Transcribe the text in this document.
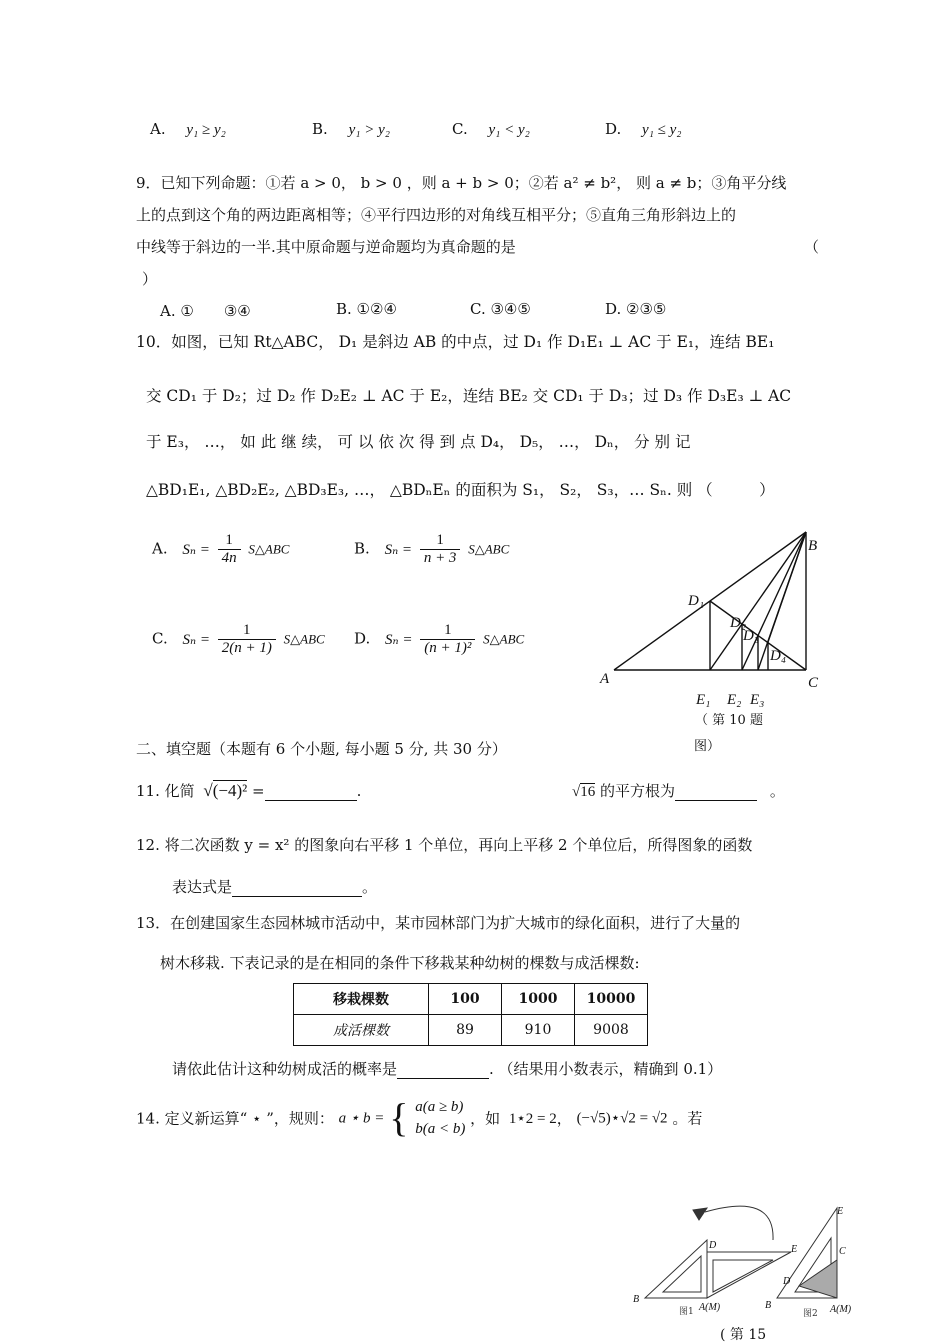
A. y₁ ≥ y₂	B. y₁ > y₂	C. y₁ < y₂	D. y₁ ≤ y₂
9．已知下列命题：①若 a > 0， b > 0 ，则 a + b > 0；②若 a² ≠ b²， 则 a ≠ b；③角平分线
上的点到这个角的两边距离相等；④平行四边形的对角线互相平分；⑤直角三角形斜边上的
中线等于斜边的一半.其中原命题与逆命题均为真命题的是	（
）
A. ①　　③④	B. ①②④	C. ③④⑤	D. ②③⑤
10．如图，已知 Rt△ABC， D₁ 是斜边 AB 的中点，过 D₁ 作 D₁E₁ ⊥ AC 于 E₁，连结 BE₁
交 CD₁ 于 D₂；过 D₂ 作 D₂E₂ ⊥ AC 于 E₂，连结 BE₂ 交 CD₁ 于 D₃；过 D₃ 作 D₃E₃ ⊥ AC
于 E₃， …， 如 此 继 续， 可 以 依 次 得 到 点 D₄， D₅， …， Dₙ， 分 别 记
△BD₁E₁, △BD₂E₂, △BD₃E₃, …， △BDₙEₙ 的面积为 S₁， S₂， S₃，… Sₙ. 则 （　　　）
A. $S_n = \frac{1}{4n}$ S△ABC	B. $S_n = \frac{1}{n + 3}$ S△ABC
C. $S_n = \frac{1}{2(n + 1)}$ S△ABC D. $S_n = \frac{1}{\text{(n + 1)²}}$ S△ABC
A
B
C
D₁
D₂
D₃
D₄
E₁ E₂ E₃
（ 第 10 题
图）
二、填空题（本题有 6 个小题, 每小题 5 分, 共 30 分）
11. 化简 √(−4)² =	.	√16 的平方根为	。
12. 将二次函数 y = x² 的图象向右平移 1 个单位，再向上平移 2 个单位后，所得图象的函数
表达式是	。
13．在创建国家生态园林城市活动中，某市园林部门为扩大城市的绿化面积，进行了大量的
树木移栽. 下表记录的是在相同的条件下移栽某种幼树的棵数与成活棵数:
移栽棵数	100	1000	10000
成活棵数	89	910	9008
请依此估计这种幼树成活的概率是	. （结果用小数表示，精确到 0.1）
14. 定义新运算“ ⋆ ”，规则： a ⋆ b = { a(a ≥ b)
b(a < b)
，如 1⋆2 = 2， (−√5)⋆√2 = √2 。若
B
D
A(M)
E
E
C
D
B	A(M)
图1	图2
( 第 15
